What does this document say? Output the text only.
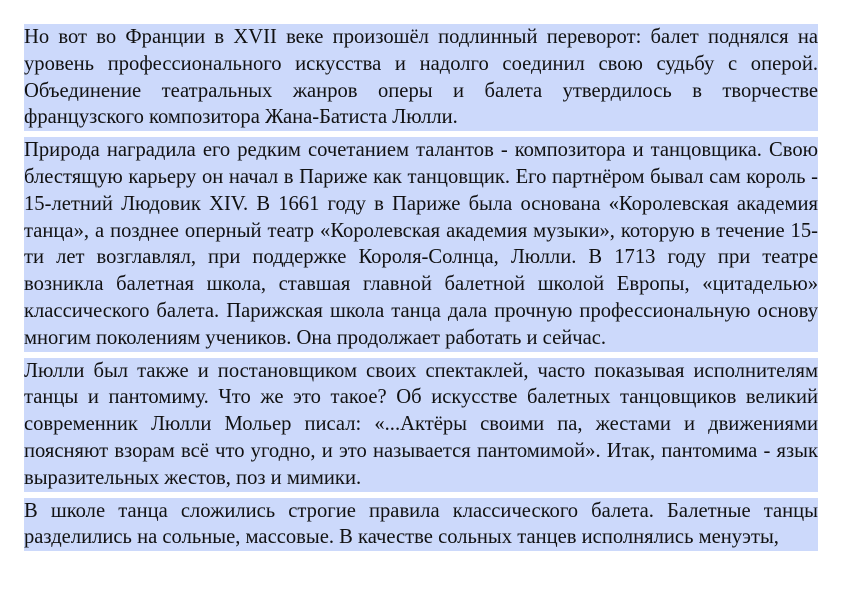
Но вот во Франции в XVII веке произошёл подлинный переворот: балет поднялся на уровень профессионального искусства и надолго соединил свою судьбу с оперой. Объединение театральных жанров оперы и балета утвердилось в творчестве французского композитора Жана-Батиста Люлли.

Природа наградила его редким сочетанием талантов - композитора и танцовщика. Свою блестящую карьеру он начал в Париже как танцовщик. Его партнёром бывал сам король - 15-летний Людовик XIV. В 1661 году в Париже была основана «Королевская академия танца», а позднее оперный театр «Королевская академия музыки», которую в течение 15-ти лет возглавлял, при поддержке Короля-Солнца, Люлли. В 1713 году при театре возникла балетная школа, ставшая главной балетной школой Европы, «цитаделью» классического балета. Парижская школа танца дала прочную профессиональную основу многим поколениям учеников. Она продолжает работать и сейчас.

Люлли был также и постановщиком своих спектаклей, часто показывая исполнителям танцы и пантомиму. Что же это такое? Об искусстве балетных танцовщиков великий современник Люлли Мольер писал: «...Актёры своими па, жестами и движениями поясняют взорам всё что угодно, и это называется пантомимой». Итак, пантомима - язык выразительных жестов, поз и мимики.

В школе танца сложились строгие правила классического балета. Балетные танцы разделились на сольные, массовые. В качестве сольных танцев исполнялись менуэты,
